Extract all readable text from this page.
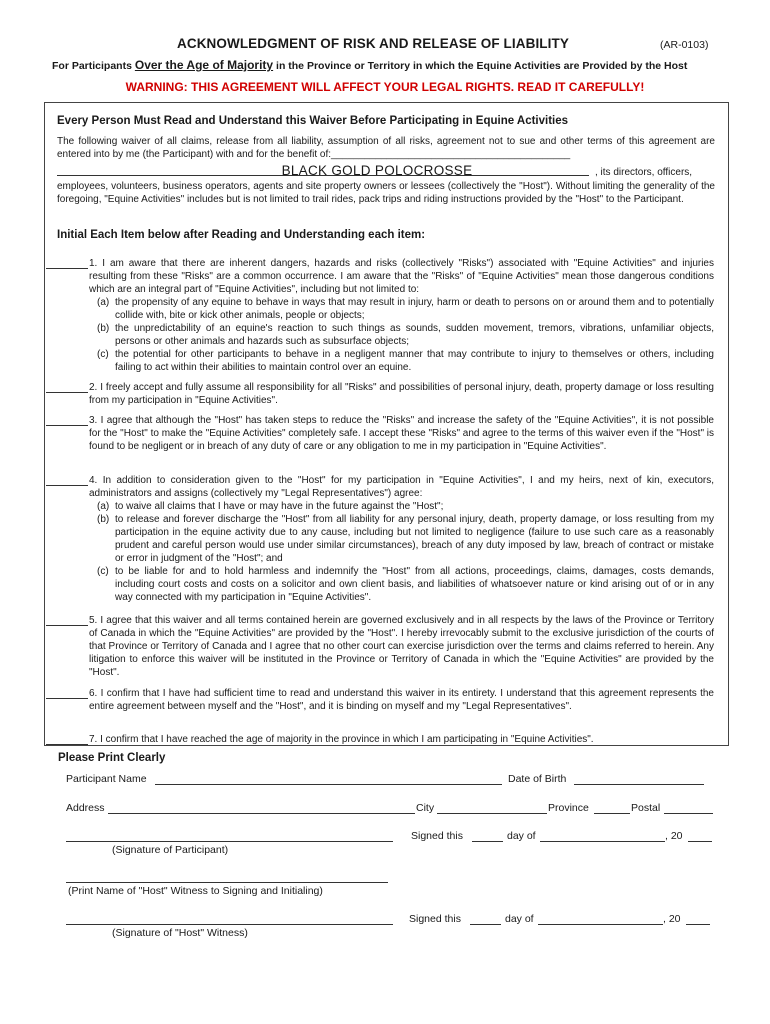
ACKNOWLEDGMENT OF RISK AND RELEASE OF LIABILITY	(AR-0103)
For Participants Over the Age of Majority in the Province or Territory in which the Equine Activities are Provided by the Host
WARNING: THIS AGREEMENT WILL AFFECT YOUR LEGAL RIGHTS. READ IT CAREFULLY!
Every Person Must Read and Understand this Waiver Before Participating in Equine Activities
The following waiver of all claims, release from all liability, assumption of all risks, agreement not to sue and other terms of this agreement are entered into by me (the Participant) with and for the benefit of:___________________________________________
BLACK GOLD POLOCROSSE	, its directors, officers,
employees, volunteers, business operators, agents and site property owners or lessees (collectively the "Host"). Without limiting the generality of the foregoing, "Equine Activities" includes but is not limited to trail rides, pack trips and riding instructions provided by the "Host" to the Participant.
Initial Each Item below after Reading and Understanding each item:
1. I am aware that there are inherent dangers, hazards and risks (collectively "Risks") associated with "Equine Activities" and injuries resulting from these "Risks" are a common occurrence. I am aware that the "Risks" of "Equine Activities" mean those dangerous conditions which are an integral part of "Equine Activities", including but not limited to:
(a) the propensity of any equine to behave in ways that may result in injury, harm or death to persons on or around them and to potentially collide with, bite or kick other animals, people or objects;
(b) the unpredictability of an equine's reaction to such things as sounds, sudden movement, tremors, vibrations, unfamiliar objects, persons or other animals and hazards such as subsurface objects;
(c) the potential for other participants to behave in a negligent manner that may contribute to injury to themselves or others, including failing to act within their abilities to maintain control over an equine.
2. I freely accept and fully assume all responsibility for all "Risks" and possibilities of personal injury, death, property damage or loss resulting from my participation in "Equine Activities".
3. I agree that although the "Host" has taken steps to reduce the "Risks" and increase the safety of the "Equine Activities", it is not possible for the "Host" to make the "Equine Activities" completely safe. I accept these "Risks" and agree to the terms of this waiver even if the "Host" is found to be negligent or in breach of any duty of care or any obligation to me in my participation in "Equine Activities".
4. In addition to consideration given to the "Host" for my participation in "Equine Activities", I and my heirs, next of kin, executors, administrators and assigns (collectively my "Legal Representatives") agree:
(a) to waive all claims that I have or may have in the future against the "Host";
(b) to release and forever discharge the "Host" from all liability for any personal injury, death, property damage, or loss resulting from my participation in the equine activity due to any cause, including but not limited to negligence (failure to use such care as a reasonably prudent and careful person would use under similar circumstances), breach of any duty imposed by law, breach of contract or mistake or error in judgment of the "Host"; and
(c) to be liable for and to hold harmless and indemnify the "Host" from all actions, proceedings, claims, damages, costs demands, including court costs and costs on a solicitor and own client basis, and liabilities of whatsoever nature or kind arising out of or in any way connected with my participation in "Equine Activities".
5. I agree that this waiver and all terms contained herein are governed exclusively and in all respects by the laws of the Province or Territory of Canada in which the "Equine Activities" are provided by the "Host". I hereby irrevocably submit to the exclusive jurisdiction of the courts of that Province or Territory of Canada and I agree that no other court can exercise jurisdiction over the terms and claims referred to herein. Any litigation to enforce this waiver will be instituted in the Province or Territory of Canada in which the "Equine Activities" are provided by the "Host".
6. I confirm that I have had sufficient time to read and understand this waiver in its entirety. I understand that this agreement represents the entire agreement between myself and the "Host", and it is binding on myself and my "Legal Representatives".
7. I confirm that I have reached the age of majority in the province in which I am participating in "Equine Activities".
Please Print Clearly
Participant Name	Date of Birth
Address	City	Province	Postal
Signed this	day of	, 20
(Signature of Participant)
(Print Name of "Host" Witness to Signing and Initialing)
Signed this	day of	, 20
(Signature of "Host" Witness)
